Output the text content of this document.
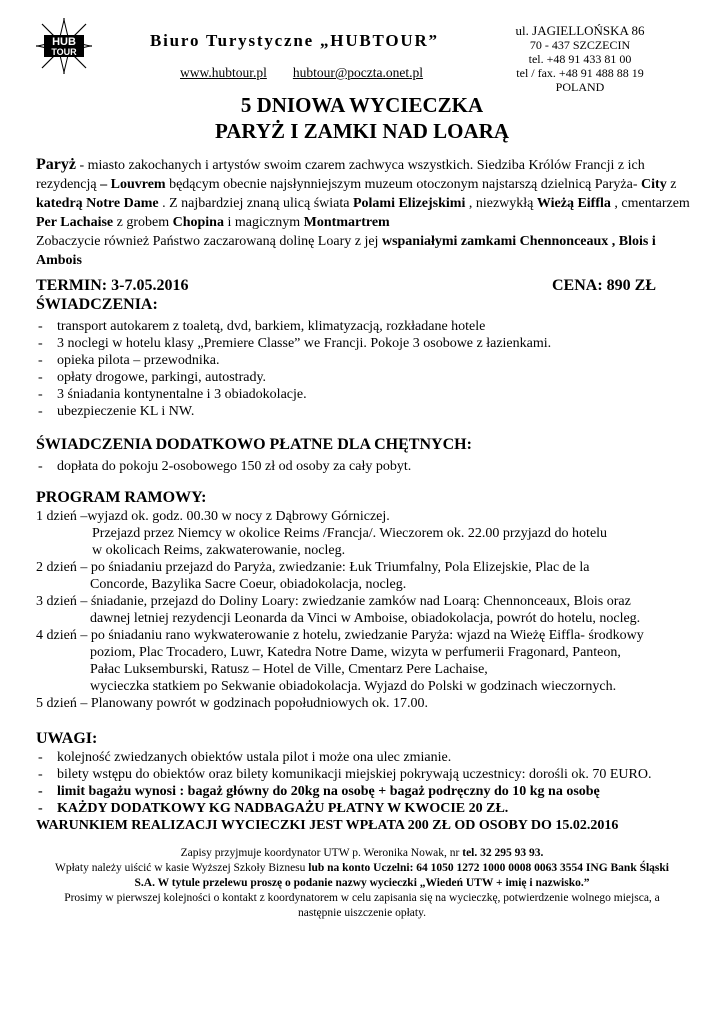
HUB
TOUR
Biuro Turystyczne „HUBTOUR”
www.hubtour.pl hubtour@poczta.onet.pl
ul. JAGIELLOŃSKA 86
70 - 437 SZCZECIN
tel. +48 91 433 81 00
tel / fax. +48 91 488 88 19
POLAND
5 DNIOWA WYCIECZKA
PARYŻ I ZAMKI NAD LOARĄ
Paryż - miasto zakochanych i artystów swoim czarem zachwyca wszystkich. Siedziba Królów Francji z ich rezydencją – Louvrem będącym obecnie najsłynniejszym muzeum otoczonym najstarszą dzielnicą Paryża- City z katedrą Notre Dame . Z najbardziej znaną ulicą świata Polami Elizejskimi , niezwykłą Wieżą Eiffla , cmentarzem Per Lachaise z grobem Chopina i magicznym Montmartrem
Zobaczycie również Państwo zaczarowaną dolinę Loary z jej wspaniałymi zamkami Chennonceaux , Blois i Ambois
TERMIN: 3-7.05.2016	CENA: 890 ZŁ
ŚWIADCZENIA:
- transport autokarem z toaletą, dvd, barkiem, klimatyzacją, rozkładane hotele
- 3 noclegi w hotelu klasy „Premiere Classe” we Francji. Pokoje 3 osobowe z łazienkami.
- opieka pilota – przewodnika.
- opłaty drogowe, parkingi, autostrady.
- 3 śniadania kontynentalne i 3 obiadokolacje.
- ubezpieczenie KL i NW.
ŚWIADCZENIA DODATKOWO PŁATNE DLA CHĘTNYCH:
- dopłata do pokoju 2-osobowego 150 zł od osoby za cały pobyt.
PROGRAM RAMOWY:
1 dzień –wyjazd ok. godz. 00.30 w nocy z Dąbrowy Górniczej.
Przejazd przez Niemcy w okolice Reims /Francja/. Wieczorem ok. 22.00 przyjazd do hotelu
w okolicach Reims, zakwaterowanie, nocleg.
2 dzień – po śniadaniu przejazd do Paryża, zwiedzanie: Łuk Triumfalny, Pola Elizejskie, Plac de la
Concorde, Bazylika Sacre Coeur, obiadokolacja, nocleg.
3 dzień – śniadanie, przejazd do Doliny Loary: zwiedzanie zamków nad Loarą: Chennonceaux, Blois oraz
dawnej letniej rezydencji Leonarda da Vinci w Amboise, obiadokolacja, powrót do hotelu, nocleg.
4 dzień – po śniadaniu rano wykwaterowanie z hotelu, zwiedzanie Paryża: wjazd na Wieżę Eiffla- środkowy
poziom, Plac Trocadero, Luwr, Katedra Notre Dame, wizyta w perfumerii Fragonard, Panteon,
Pałac Luksemburski, Ratusz – Hotel de Ville, Cmentarz Pere Lachaise,
wycieczka statkiem po Sekwanie obiadokolacja. Wyjazd do Polski w godzinach wieczornych.
5 dzień – Planowany powrót w godzinach popołudniowych ok. 17.00.
UWAGI:
- kolejność zwiedzanych obiektów ustala pilot i może ona ulec zmianie.
- bilety wstępu do obiektów oraz bilety komunikacji miejskiej pokrywają uczestnicy: dorośli ok. 70 EURO.
- limit bagażu wynosi : bagaż główny do 20kg na osobę + bagaż podręczny do 10 kg na osobę
- KAŻDY DODATKOWY KG NADBAGAŻU PŁATNY W KWOCIE 20 ZŁ.
WARUNKIEM REALIZACJI WYCIECZKI JEST WPŁATA 200 ZŁ OD OSOBY DO 15.02.2016
Zapisy przyjmuje koordynator UTW p. Weronika Nowak, nr tel. 32 295 93 93.
Wpłaty należy uiścić w kasie Wyższej Szkoły Biznesu lub na konto Uczelni: 64 1050 1272 1000 0008 0063 3554 ING Bank Śląski
S.A. W tytule przelewu proszę o podanie nazwy wycieczki „Wiedeń UTW + imię i nazwisko.”
Prosimy w pierwszej kolejności o kontakt z koordynatorem w celu zapisania się na wycieczkę, potwierdzenie wolnego miejsca, a
następnie uiszczenie opłaty.
